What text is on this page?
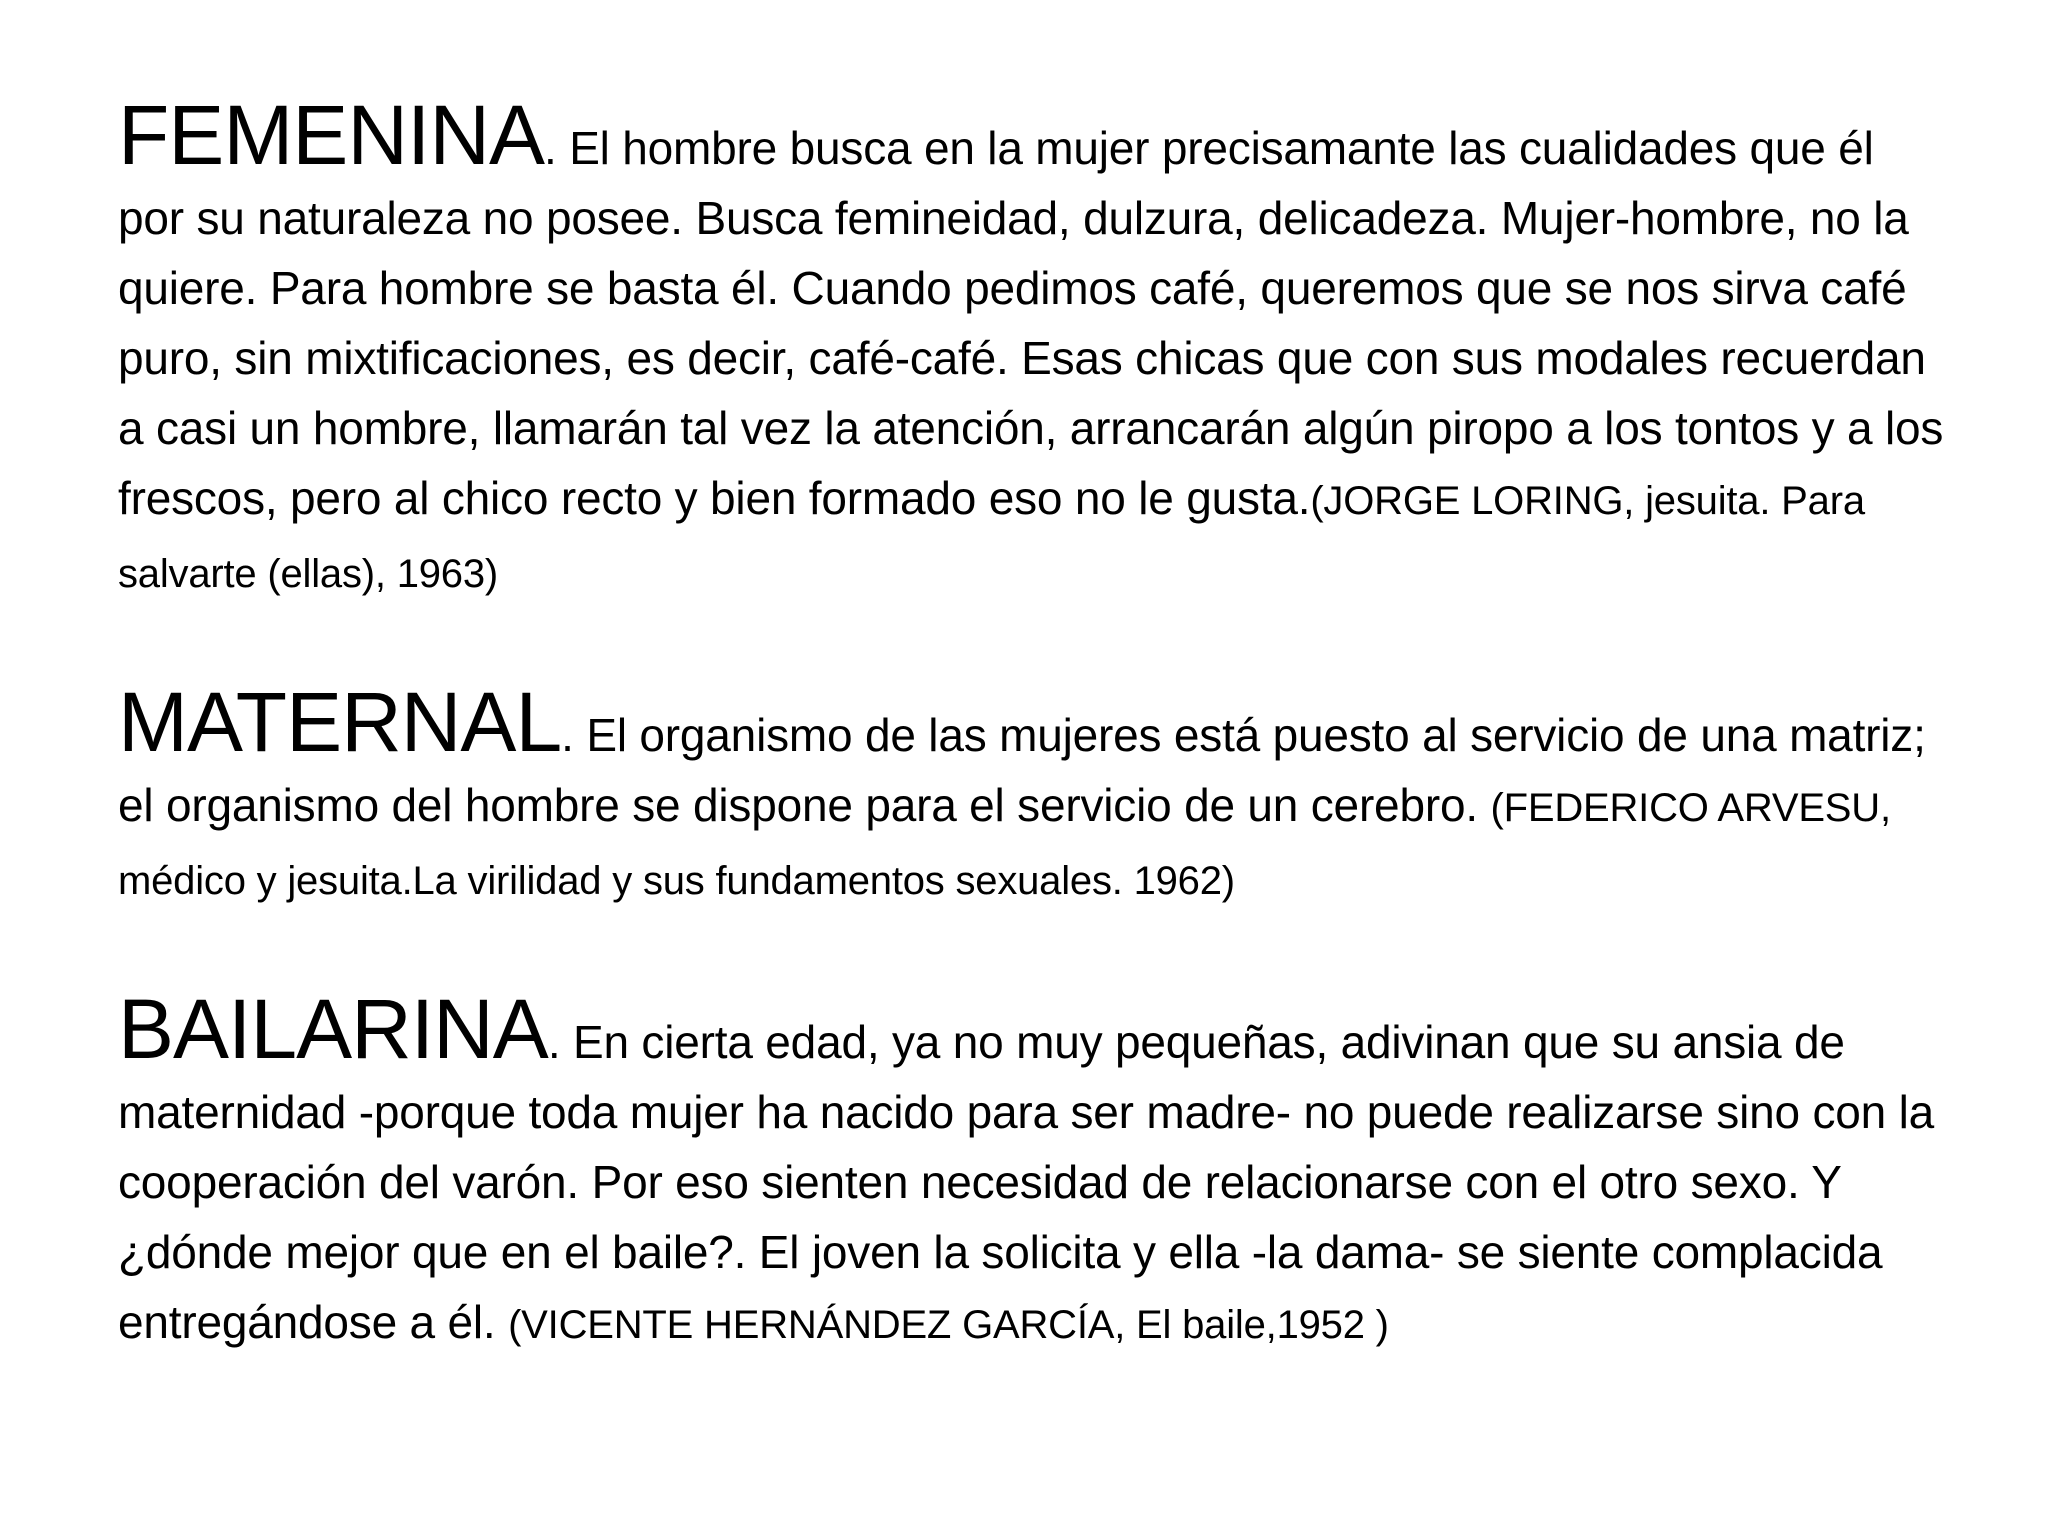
FEMENINA. El hombre busca en la mujer precisamante las cualidades que él por su naturaleza no posee. Busca femineidad, dulzura, delicadeza. Mujer-hombre, no la quiere. Para hombre se basta él. Cuando pedimos café, queremos que se nos sirva café puro, sin mixtificaciones, es decir, café-café. Esas chicas que con sus modales recuerdan a casi un hombre, llamarán tal vez la atención, arrancarán algún piropo a los tontos y a los frescos, pero al chico recto y bien formado eso no le gusta.(JORGE LORING, jesuita. Para salvarte (ellas), 1963)

MATERNAL. El organismo de las mujeres está puesto al servicio de una matriz; el organismo del hombre se dispone para el servicio de un cerebro. (FEDERICO ARVESU, médico y jesuita.La virilidad y sus fundamentos sexuales. 1962)

BAILARINA. En cierta edad, ya no muy pequeñas, adivinan que su ansia de maternidad -porque toda mujer ha nacido para ser madre- no puede realizarse sino con la cooperación del varón. Por eso sienten necesidad de relacionarse con el otro sexo. Y ¿dónde mejor que en el baile?. El joven la solicita y ella -la dama- se siente complacida entregándose a él. (VICENTE HERNÁNDEZ GARCÍA, El baile,1952 )
